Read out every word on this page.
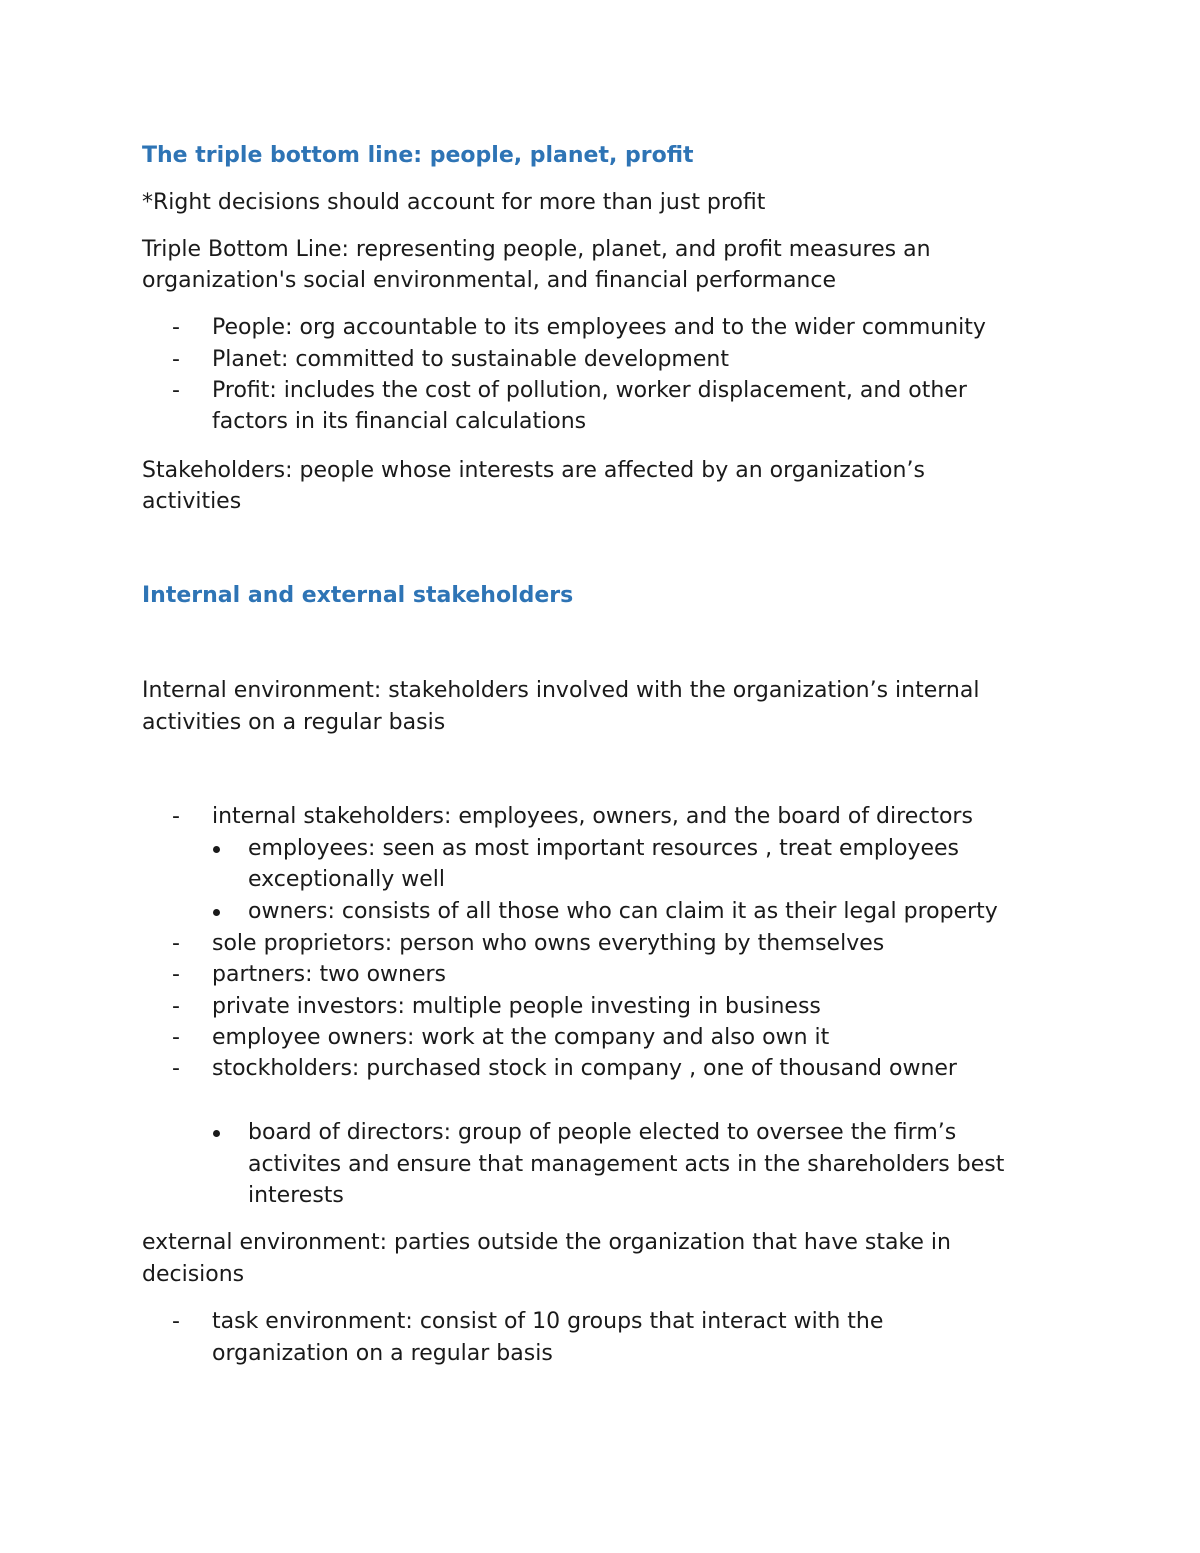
The triple bottom line: people, planet, profit

*Right decisions should account for more than just profit

Triple Bottom Line: representing people, planet, and profit measures an

organization's social environmental, and financial performance

- People: org accountable to its employees and to the wider community

- Planet: committed to sustainable development

- Profit: includes the cost of pollution, worker displacement, and other

factors in its financial calculations

Stakeholders: people whose interests are affected by an organization’s

activities

Internal and external stakeholders

Internal environment: stakeholders involved with the organization’s internal

activities on a regular basis

- internal stakeholders: employees, owners, and the board of directors

employees: seen as most important resources , treat employees

exceptionally well

owners: consists of all those who can claim it as their legal property

- sole proprietors: person who owns everything by themselves

- partners: two owners

- private investors: multiple people investing in business

- employee owners: work at the company and also own it

- stockholders: purchased stock in company , one of thousand owner

board of directors: group of people elected to oversee the firm’s

activites and ensure that management acts in the shareholders best

interests

external environment: parties outside the organization that have stake in

decisions

- task environment: consist of 10 groups that interact with the

organization on a regular basis
